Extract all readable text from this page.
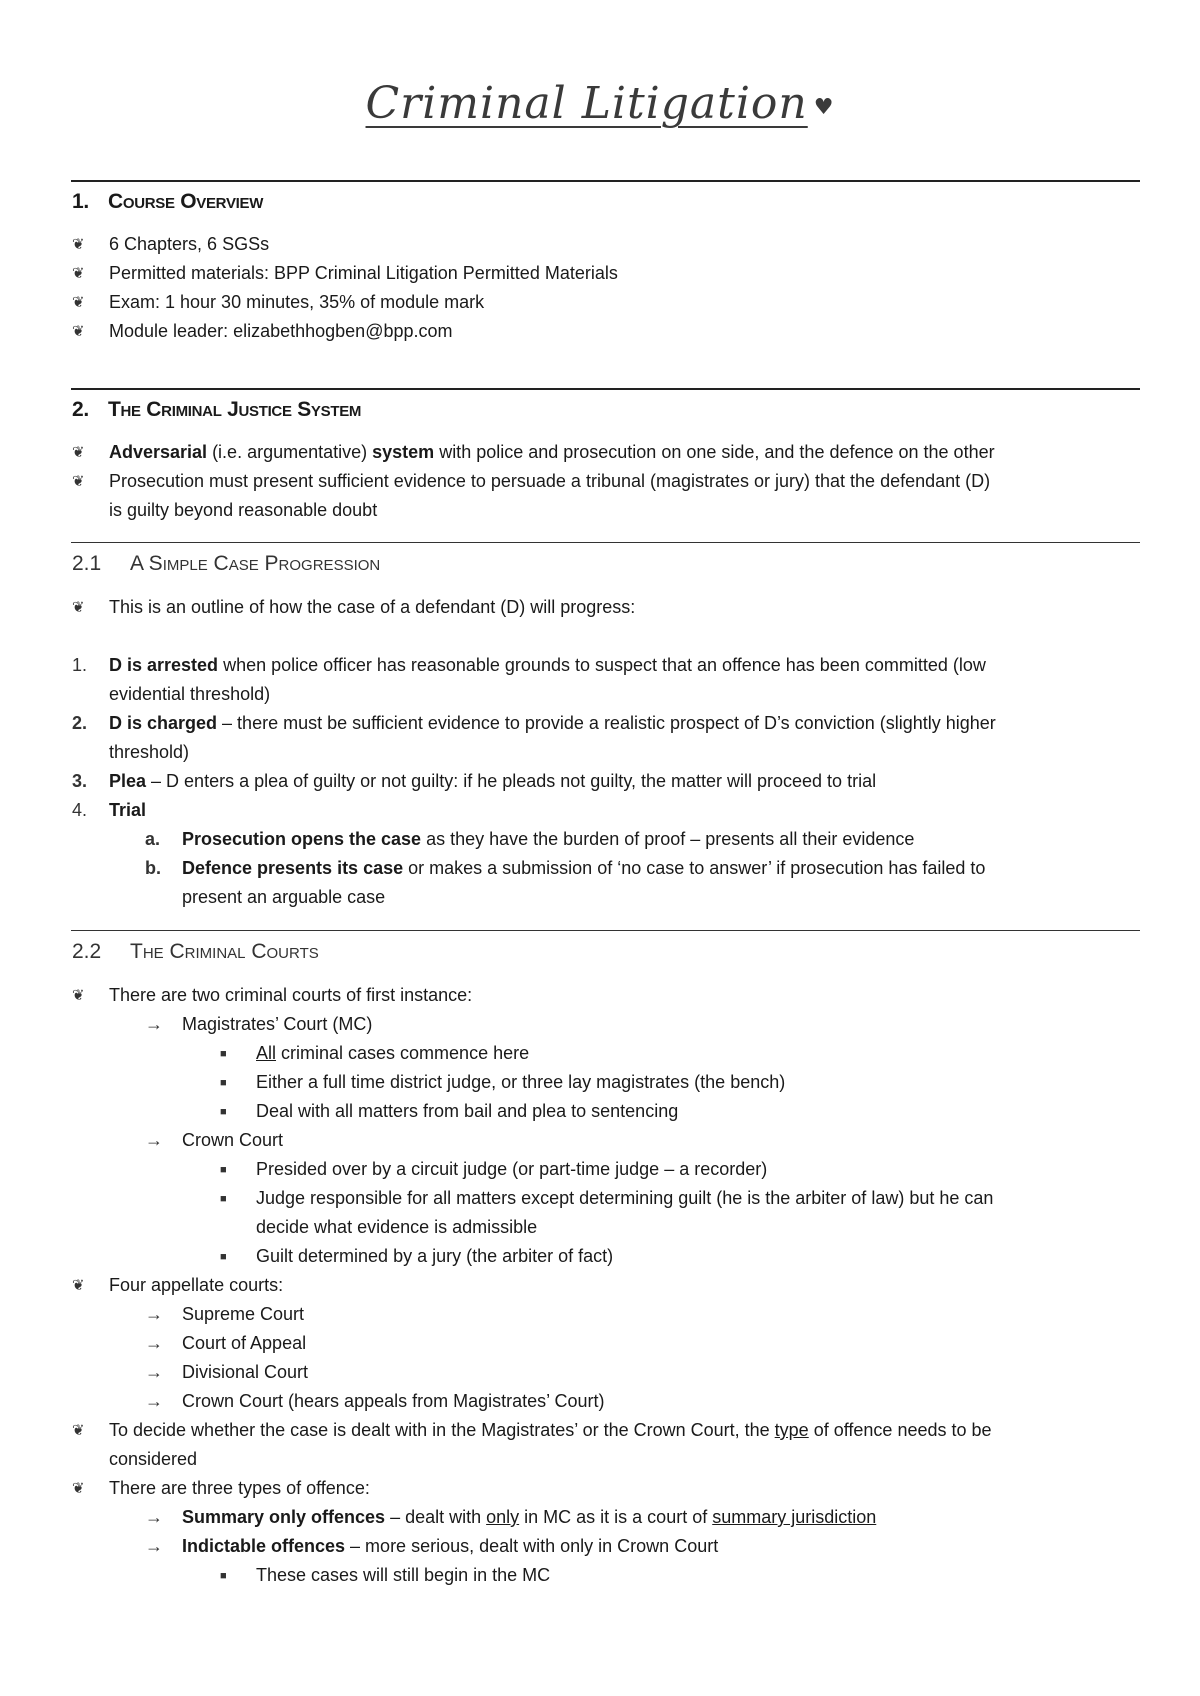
Criminal Litigation ♥
1. Course Overview
❦	6 Chapters, 6 SGSs
❦	Permitted materials: BPP Criminal Litigation Permitted Materials
❦	Exam: 1 hour 30 minutes, 35% of module mark
❦	Module leader: elizabethhogben@bpp.com
2. The Criminal Justice System
❦	Adversarial (i.e. argumentative) system with police and prosecution on one side, and the defence on the other
❦	Prosecution must present sufficient evidence to persuade a tribunal (magistrates or jury) that the defendant (D)
is guilty beyond reasonable doubt
2.1 A Simple Case Progression
❦	This is an outline of how the case of a defendant (D) will progress:
1.	D is arrested when police officer has reasonable grounds to suspect that an offence has been committed (low
evidential threshold)
2.	D is charged – there must be sufficient evidence to provide a realistic prospect of D’s conviction (slightly higher
threshold)
3.	Plea – D enters a plea of guilty or not guilty: if he pleads not guilty, the matter will proceed to trial
4.	Trial
a.	Prosecution opens the case as they have the burden of proof – presents all their evidence
b.	Defence presents its case or makes a submission of ‘no case to answer’ if prosecution has failed to
present an arguable case
2.2 The Criminal Courts
❦	There are two criminal courts of first instance:
→	Magistrates’ Court (MC)
■	All criminal cases commence here
■	Either a full time district judge, or three lay magistrates (the bench)
■	Deal with all matters from bail and plea to sentencing
→	Crown Court
■	Presided over by a circuit judge (or part-time judge – a recorder)
■	Judge responsible for all matters except determining guilt (he is the arbiter of law) but he can
decide what evidence is admissible
■	Guilt determined by a jury (the arbiter of fact)
❦	Four appellate courts:
→	Supreme Court
→	Court of Appeal
→	Divisional Court
→	Crown Court (hears appeals from Magistrates’ Court)
❦	To decide whether the case is dealt with in the Magistrates’ or the Crown Court, the type of offence needs to be
considered
❦	There are three types of offence:
→	Summary only offences – dealt with only in MC as it is a court of summary jurisdiction
→	Indictable offences – more serious, dealt with only in Crown Court
■	These cases will still begin in the MC
